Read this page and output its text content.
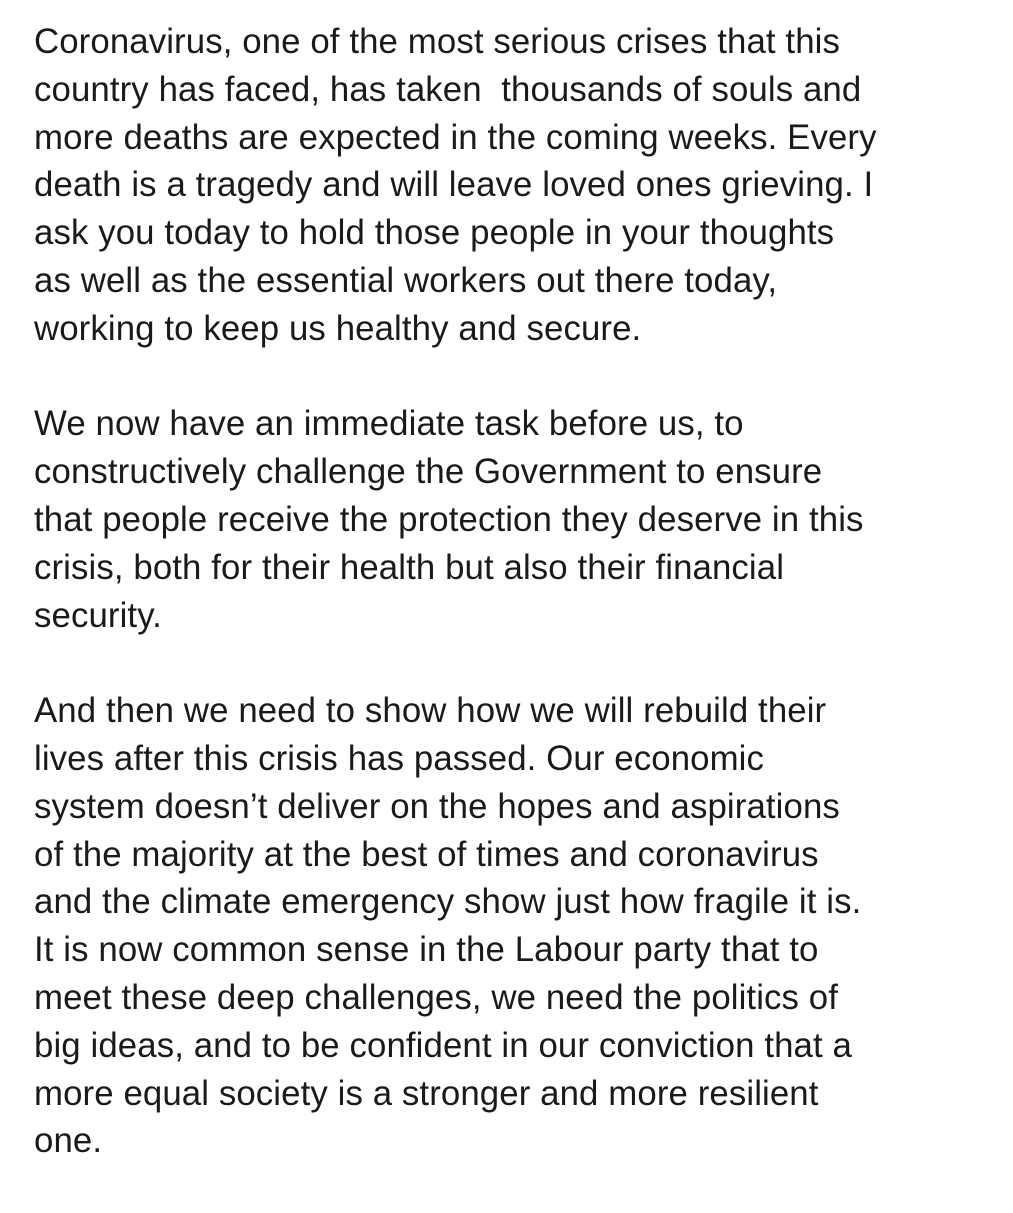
Coronavirus, one of the most serious crises that this
country has faced, has taken  thousands of souls and
more deaths are expected in the coming weeks. Every
death is a tragedy and will leave loved ones grieving. I
ask you today to hold those people in your thoughts
as well as the essential workers out there today,
working to keep us healthy and secure.

We now have an immediate task before us, to
constructively challenge the Government to ensure
that people receive the protection they deserve in this
crisis, both for their health but also their financial
security.

And then we need to show how we will rebuild their
lives after this crisis has passed. Our economic
system doesn’t deliver on the hopes and aspirations
of the majority at the best of times and coronavirus
and the climate emergency show just how fragile it is.
It is now common sense in the Labour party that to
meet these deep challenges, we need the politics of
big ideas, and to be confident in our conviction that a
more equal society is a stronger and more resilient
one.
